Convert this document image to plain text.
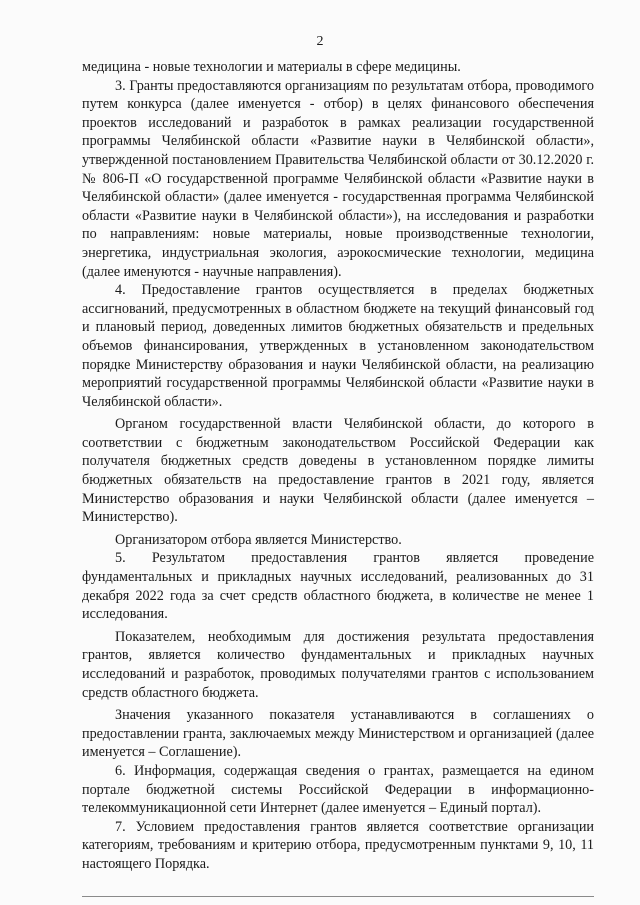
2

медицина - новые технологии и материалы в сфере медицины.

3. Гранты предоставляются организациям по результатам отбора, проводимого путем конкурса (далее именуется - отбор) в целях финансового обеспечения проектов исследований и разработок в рамках реализации государственной программы Челябинской области «Развитие науки в Челябинской области», утвержденной постановлением Правительства Челябинской области от 30.12.2020 г. № 806-П «О государственной программе Челябинской области «Развитие науки в Челябинской области» (далее именуется - государственная программа Челябинской области «Развитие науки в Челябинской области»), на исследования и разработки по направлениям: новые материалы, новые производственные технологии, энергетика, индустриальная экология, аэрокосмические технологии, медицина (далее именуются - научные направления).

4. Предоставление грантов осуществляется в пределах бюджетных ассигнований, предусмотренных в областном бюджете на текущий финансовый год и плановый период, доведенных лимитов бюджетных обязательств и предельных объемов финансирования, утвержденных в установленном законодательством порядке Министерству образования и науки Челябинской области, на реализацию мероприятий государственной программы Челябинской области «Развитие науки в Челябинской области».

Органом государственной власти Челябинской области, до которого в соответствии с бюджетным законодательством Российской Федерации как получателя бюджетных средств доведены в установленном порядке лимиты бюджетных обязательств на предоставление грантов в 2021 году, является Министерство образования и науки Челябинской области (далее именуется – Министерство).

Организатором отбора является Министерство.

5. Результатом предоставления грантов является проведение фундаментальных и прикладных научных исследований, реализованных до 31 декабря 2022 года за счет средств областного бюджета, в количестве не менее 1 исследования.

Показателем, необходимым для достижения результата предоставления грантов, является количество фундаментальных и прикладных научных исследований и разработок, проводимых получателями грантов с использованием средств областного бюджета.

Значения указанного показателя устанавливаются в соглашениях о предоставлении гранта, заключаемых между Министерством и организацией (далее именуется – Соглашение).

6. Информация, содержащая сведения о грантах, размещается на едином портале бюджетной системы Российской Федерации в информационно-телекоммуникационной сети Интернет (далее именуется – Единый портал).

7. Условием предоставления грантов является соответствие организации категориям, требованиям и критерию отбора, предусмотренным пунктами 9, 10, 11 настоящего Порядка.
